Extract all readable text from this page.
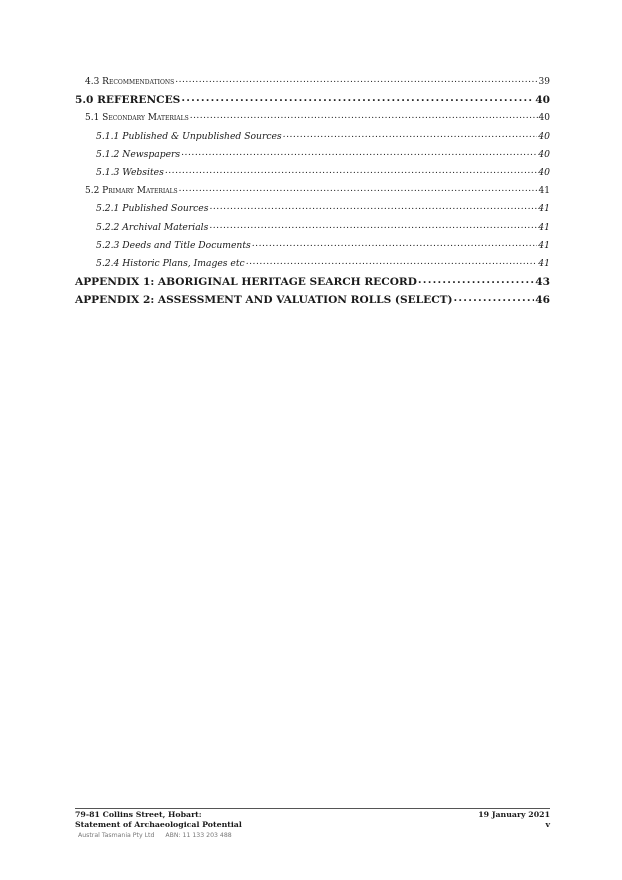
4.3 Recommendations .....	39
5.0 REFERENCES .....	40
5.1 Secondary Materials .....	40
5.1.1 Published & Unpublished Sources .....	40
5.1.2 Newspapers .....	40
5.1.3 Websites .....	40
5.2 Primary Materials .....	41
5.2.1 Published Sources .....	41
5.2.2 Archival Materials .....	41
5.2.3 Deeds and Title Documents .....	41
5.2.4 Historic Plans, Images etc .....	41
APPENDIX 1: ABORIGINAL HERITAGE SEARCH RECORD .....	43
APPENDIX 2: ASSESSMENT AND VALUATION ROLLS (SELECT) .....	46
79-81 Collins Street, Hobart:
Statement of Archaeological Potential
19 January 2021
v
Austral Tasmania Pty Ltd ABN: 11 133 203 488
